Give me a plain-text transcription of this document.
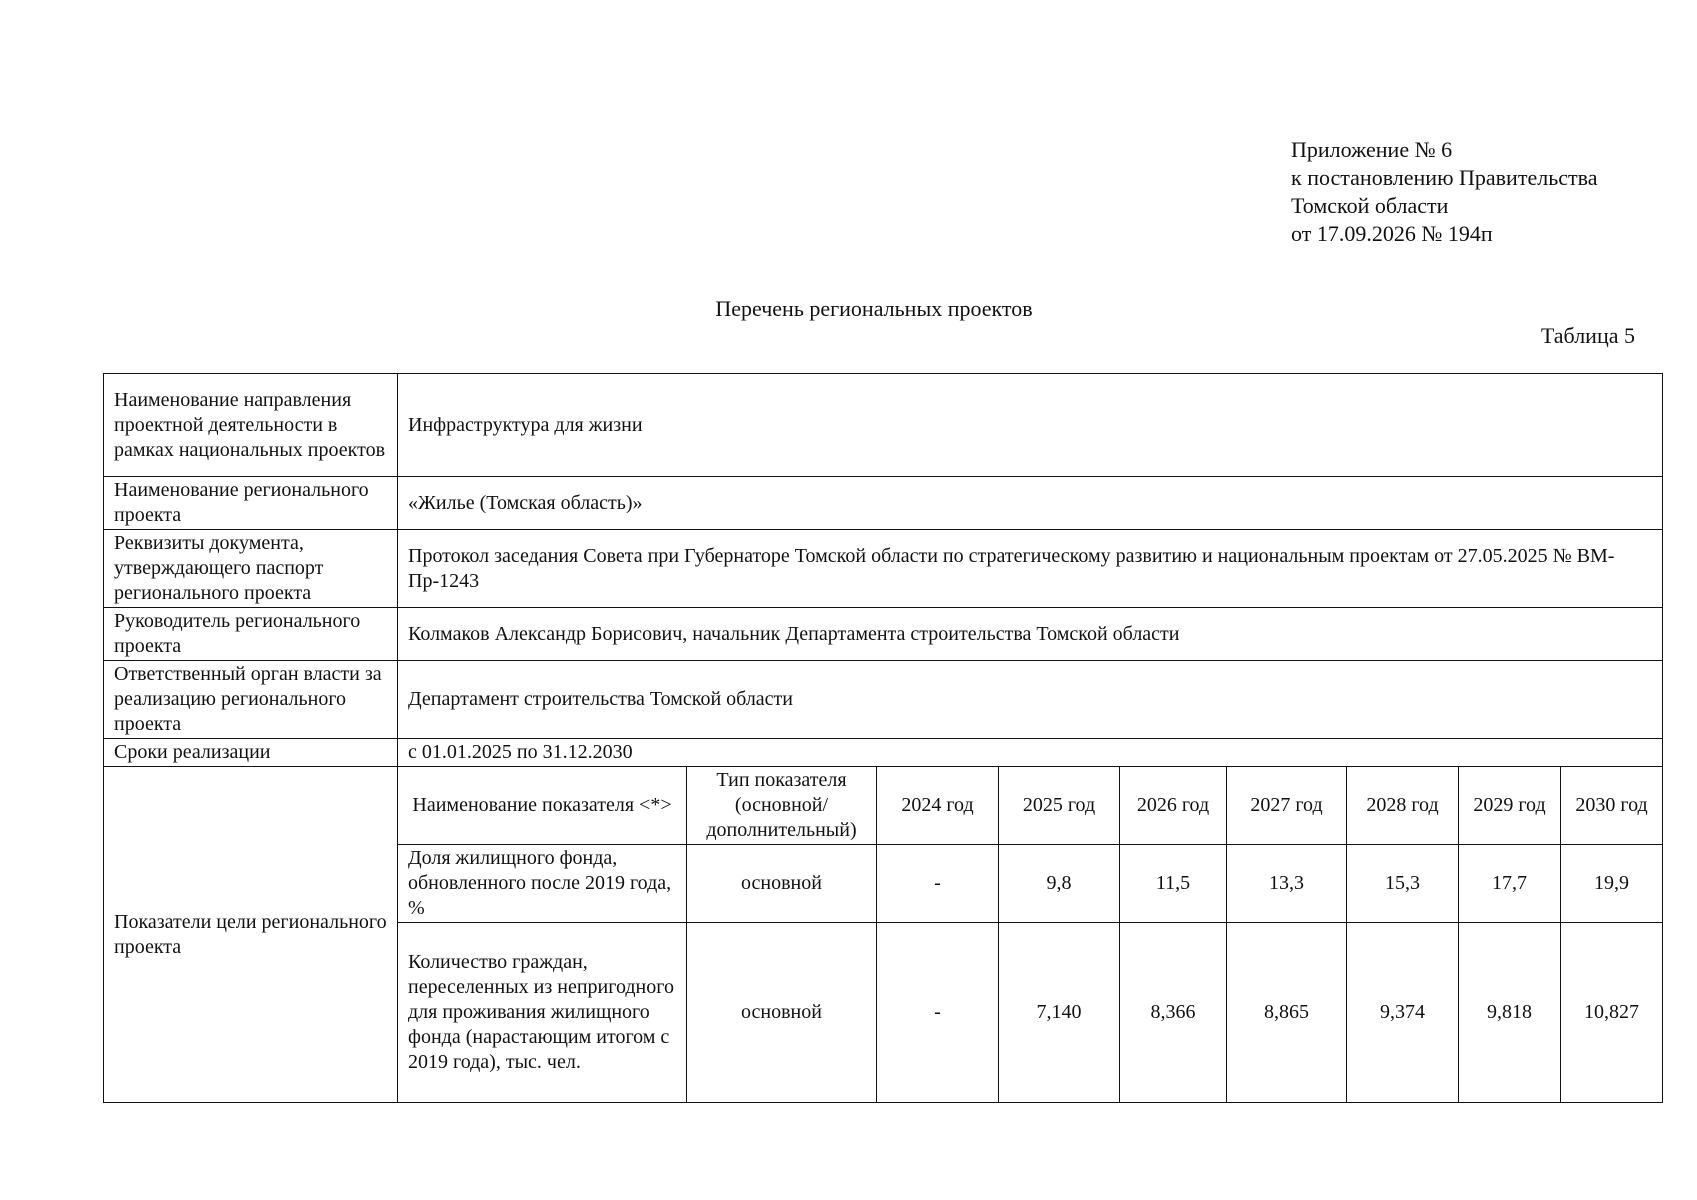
Приложение № 6
к постановлению Правительства
Томской области
от 17.09.2026 № 194п
Перечень региональных проектов
Таблица 5
Наименование направления проектной деятельности в рамках национальных проектов	Инфраструктура для жизни								
Наименование регионального проекта	«Жилье (Томская область)»								
Реквизиты документа, утверждающего паспорт регионального проекта	Протокол заседания Совета при Губернаторе Томской области по стратегическому развитию и национальным проектам от 27.05.2025 № ВМ-Пр-1243								
Руководитель регионального проекта	Колмаков Александр Борисович, начальник Департамента строительства Томской области								
Ответственный орган власти за реализацию регионального проекта	Департамент строительства Томской области								
Сроки реализации	с 01.01.2025 по 31.12.2030								
Показатели цели регионального проекта	Наименование показателя <*>	Тип показателя (основной/ дополнительный)	2024 год	2025 год	2026 год	2027 год	2028 год	2029 год	2030 год
	Доля жилищного фонда, обновленного после 2019 года, %	основной	-	9,8	11,5	13,3	15,3	17,7	19,9
	Количество граждан, переселенных из непригодного для проживания жилищного фонда (нарастающим итогом с 2019 года), тыс. чел.	основной	-	7,140	8,366	8,865	9,374	9,818	10,827
